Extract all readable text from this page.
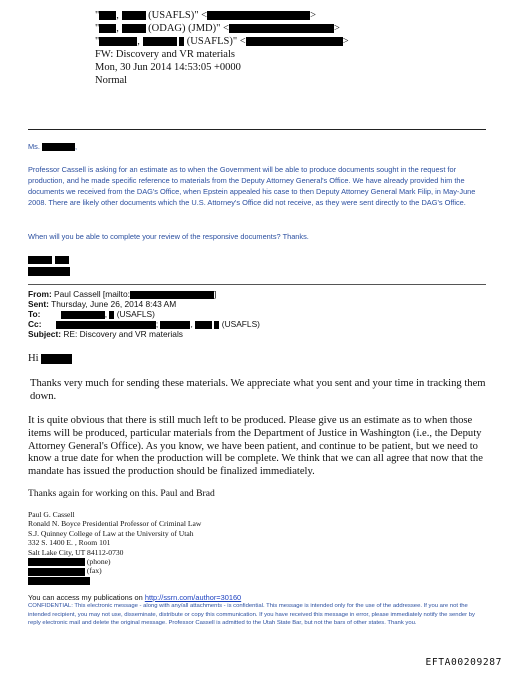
" ,  (USAFLS)" <	>
" ,  (ODAG) (JMD)" <	>
"	,	(USAFLS)" <	>
FW: Discovery and VR materials
Mon, 30 Jun 2014 14:53:05 +0000
Normal
Ms.	,
Professor Cassell is asking for an estimate as to when the Government will be able to produce documents sought in the request for production, and he made specific reference to materials from the Deputy Attorney General's Office. We have already provided him the documents we received from the DAG's Office, when Epstein appealed his case to then Deputy Attorney General Mark Filip, in May-June 2008. There are likely other documents which the U.S. Attorney's Office did not receive, as they were sent directly to the DAG's Office.
When will you be able to complete your review of the responsive documents? Thanks.
From: Paul Cassell [mailto:	]
Sent: Thursday, June 26, 2014 8:43 AM
To:	,  (USAFLS)
Cc:	;	,	(USAFLS)
Subject: RE: Discovery and VR materials
Hi
Thanks very much for sending these materials. We appreciate what you sent and your time in tracking them down.
It is quite obvious that there is still much left to be produced. Please give us an estimate as to when those items will be produced, particular materials from the Department of Justice in Washington (i.e., the Deputy Attorney General's Office). As you know, we have been patient, and continue to be patient, but we need to know a true date for when the production will be complete. We think that we can all agree that now that the mandate has issued the production should be finalized immediately.
Thanks again for working on this. Paul and Brad
Paul G. Cassell
Ronald N. Boyce Presidential Professor of Criminal Law
S.J. Quinney College of Law at the University of Utah
332 S. 1400 E. , Room 101
Salt Lake City, UT 84112-0730
(phone)
(fax)
You can access my publications on http://ssrn.com/author=30160
CONFIDENTIAL: This electronic message - along with any/all attachments - is confidential. This message is intended only for the use of the addressee. If you are not the intended recipient, you may not use, disseminate, distribute or copy this communication. If you have received this message in error, please immediately notify the sender by reply electronic mail and delete the original message. Professor Cassell is admitted to the Utah State Bar, but not the bars of other states. Thank you.
EFTA00209287
